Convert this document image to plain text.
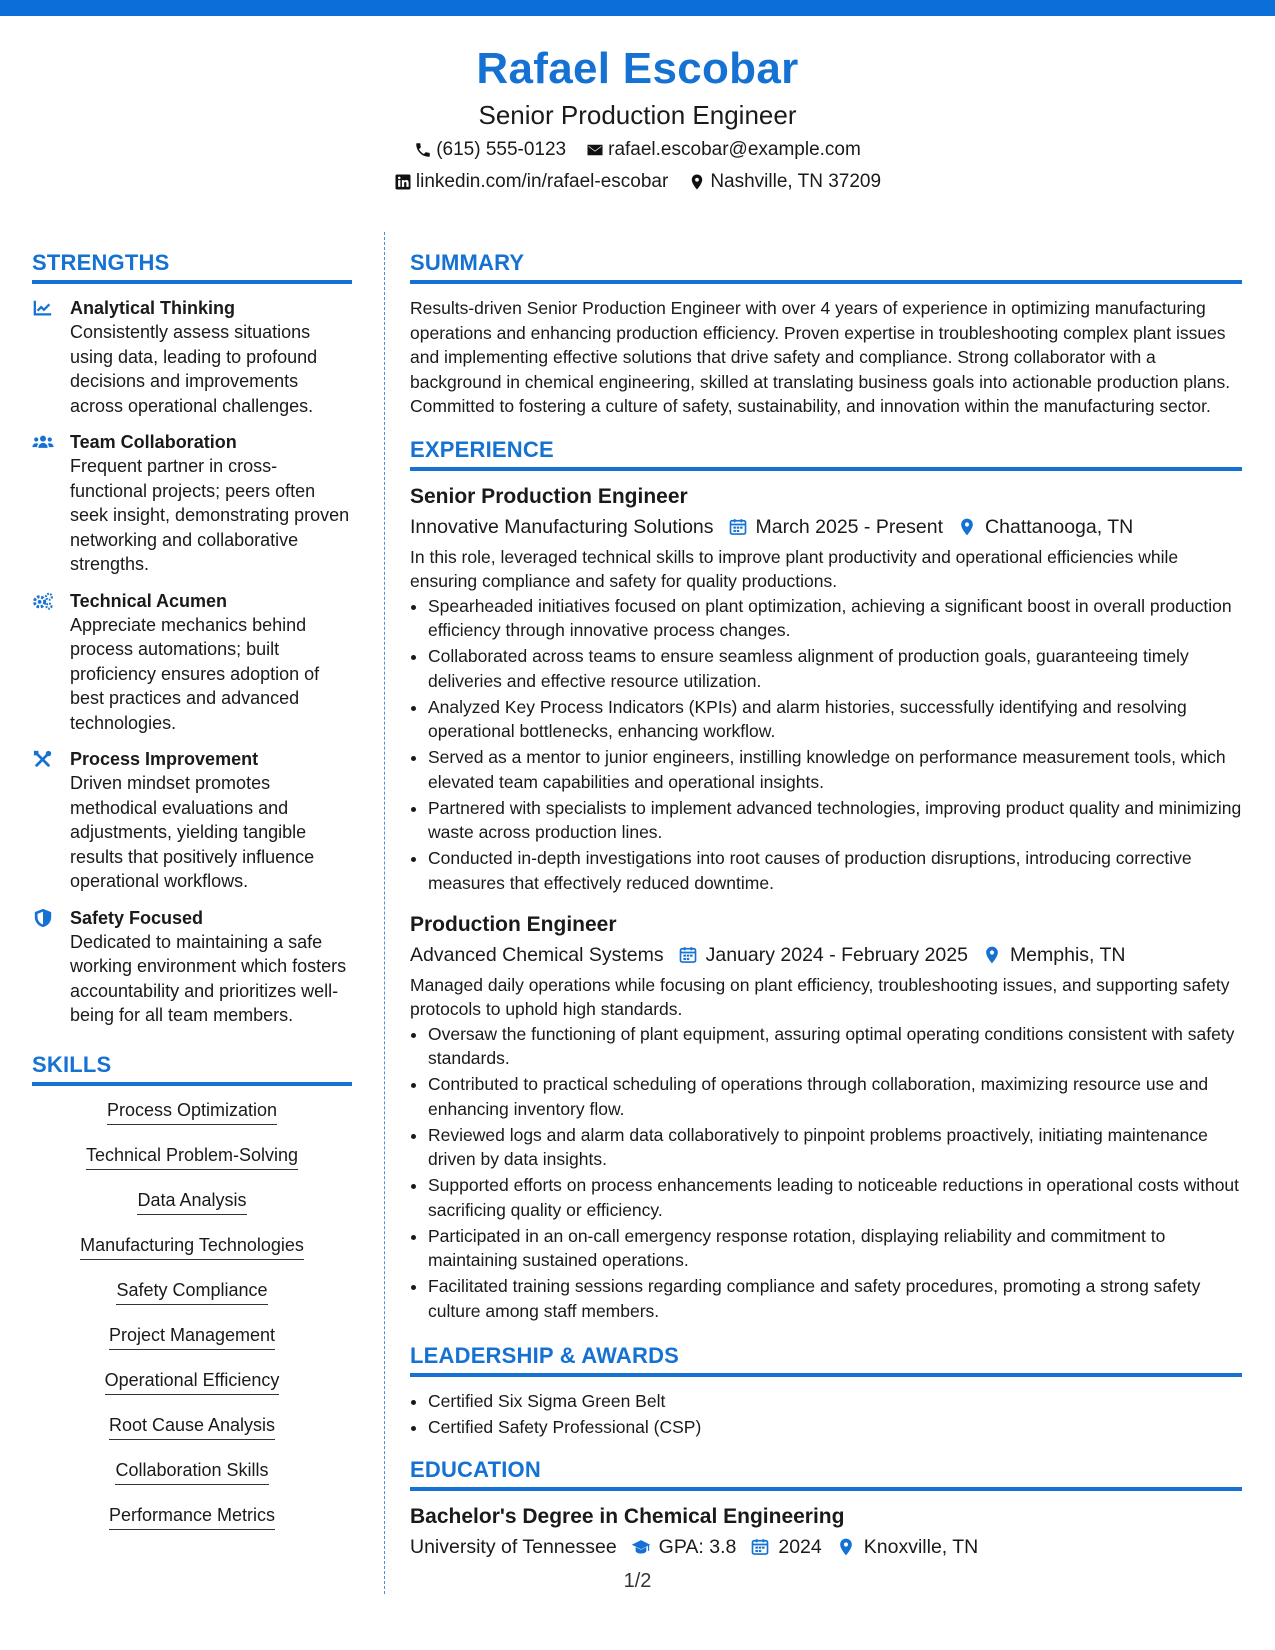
Rafael Escobar
Senior Production Engineer
(615) 555-0123 rafael.escobar@example.com
linkedin.com/in/rafael-escobar Nashville, TN 37209
STRENGTHS
Analytical Thinking
Consistently assess situations using data, leading to profound decisions and improvements across operational challenges.
Team Collaboration
Frequent partner in cross-functional projects; peers often seek insight, demonstrating proven networking and collaborative strengths.
Technical Acumen
Appreciate mechanics behind process automations; built proficiency ensures adoption of best practices and advanced technologies.
Process Improvement
Driven mindset promotes methodical evaluations and adjustments, yielding tangible results that positively influence operational workflows.
Safety Focused
Dedicated to maintaining a safe working environment which fosters accountability and prioritizes well-being for all team members.
SKILLS
Process Optimization
Technical Problem-Solving
Data Analysis
Manufacturing Technologies
Safety Compliance
Project Management
Operational Efficiency
Root Cause Analysis
Collaboration Skills
Performance Metrics
SUMMARY

Results-driven Senior Production Engineer with over 4 years of experience in optimizing manufacturing operations and enhancing production efficiency. Proven expertise in troubleshooting complex plant issues and implementing effective solutions that drive safety and compliance. Strong collaborator with a background in chemical engineering, skilled at translating business goals into actionable production plans. Committed to fostering a culture of safety, sustainability, and innovation within the manufacturing sector.

EXPERIENCE
Senior Production Engineer
Innovative Manufacturing Solutions March 2025 - Present Chattanooga, TN

In this role, leveraged technical skills to improve plant productivity and operational efficiencies while ensuring compliance and safety for quality productions.

• Spearheaded initiatives focused on plant optimization, achieving a significant boost in overall production efficiency through innovative process changes.
• Collaborated across teams to ensure seamless alignment of production goals, guaranteeing timely deliveries and effective resource utilization.
• Analyzed Key Process Indicators (KPIs) and alarm histories, successfully identifying and resolving operational bottlenecks, enhancing workflow.
• Served as a mentor to junior engineers, instilling knowledge on performance measurement tools, which elevated team capabilities and operational insights.
• Partnered with specialists to implement advanced technologies, improving product quality and minimizing waste across production lines.
• Conducted in-depth investigations into root causes of production disruptions, introducing corrective measures that effectively reduced downtime.
Production Engineer
Advanced Chemical Systems January 2024 - February 2025 Memphis, TN

Managed daily operations while focusing on plant efficiency, troubleshooting issues, and supporting safety protocols to uphold high standards.

• Oversaw the functioning of plant equipment, assuring optimal operating conditions consistent with safety standards.
• Contributed to practical scheduling of operations through collaboration, maximizing resource use and enhancing inventory flow.
• Reviewed logs and alarm data collaboratively to pinpoint problems proactively, initiating maintenance driven by data insights.
• Supported efforts on process enhancements leading to noticeable reductions in operational costs without sacrificing quality or efficiency.
• Participated in an on-call emergency response rotation, displaying reliability and commitment to maintaining sustained operations.
• Facilitated training sessions regarding compliance and safety procedures, promoting a strong safety culture among staff members.
LEADERSHIP & AWARDS
• Certified Six Sigma Green Belt
• Certified Safety Professional (CSP)
EDUCATION
Bachelor's Degree in Chemical Engineering
University of Tennessee GPA: 3.8 2024 Knoxville, TN
1/2
